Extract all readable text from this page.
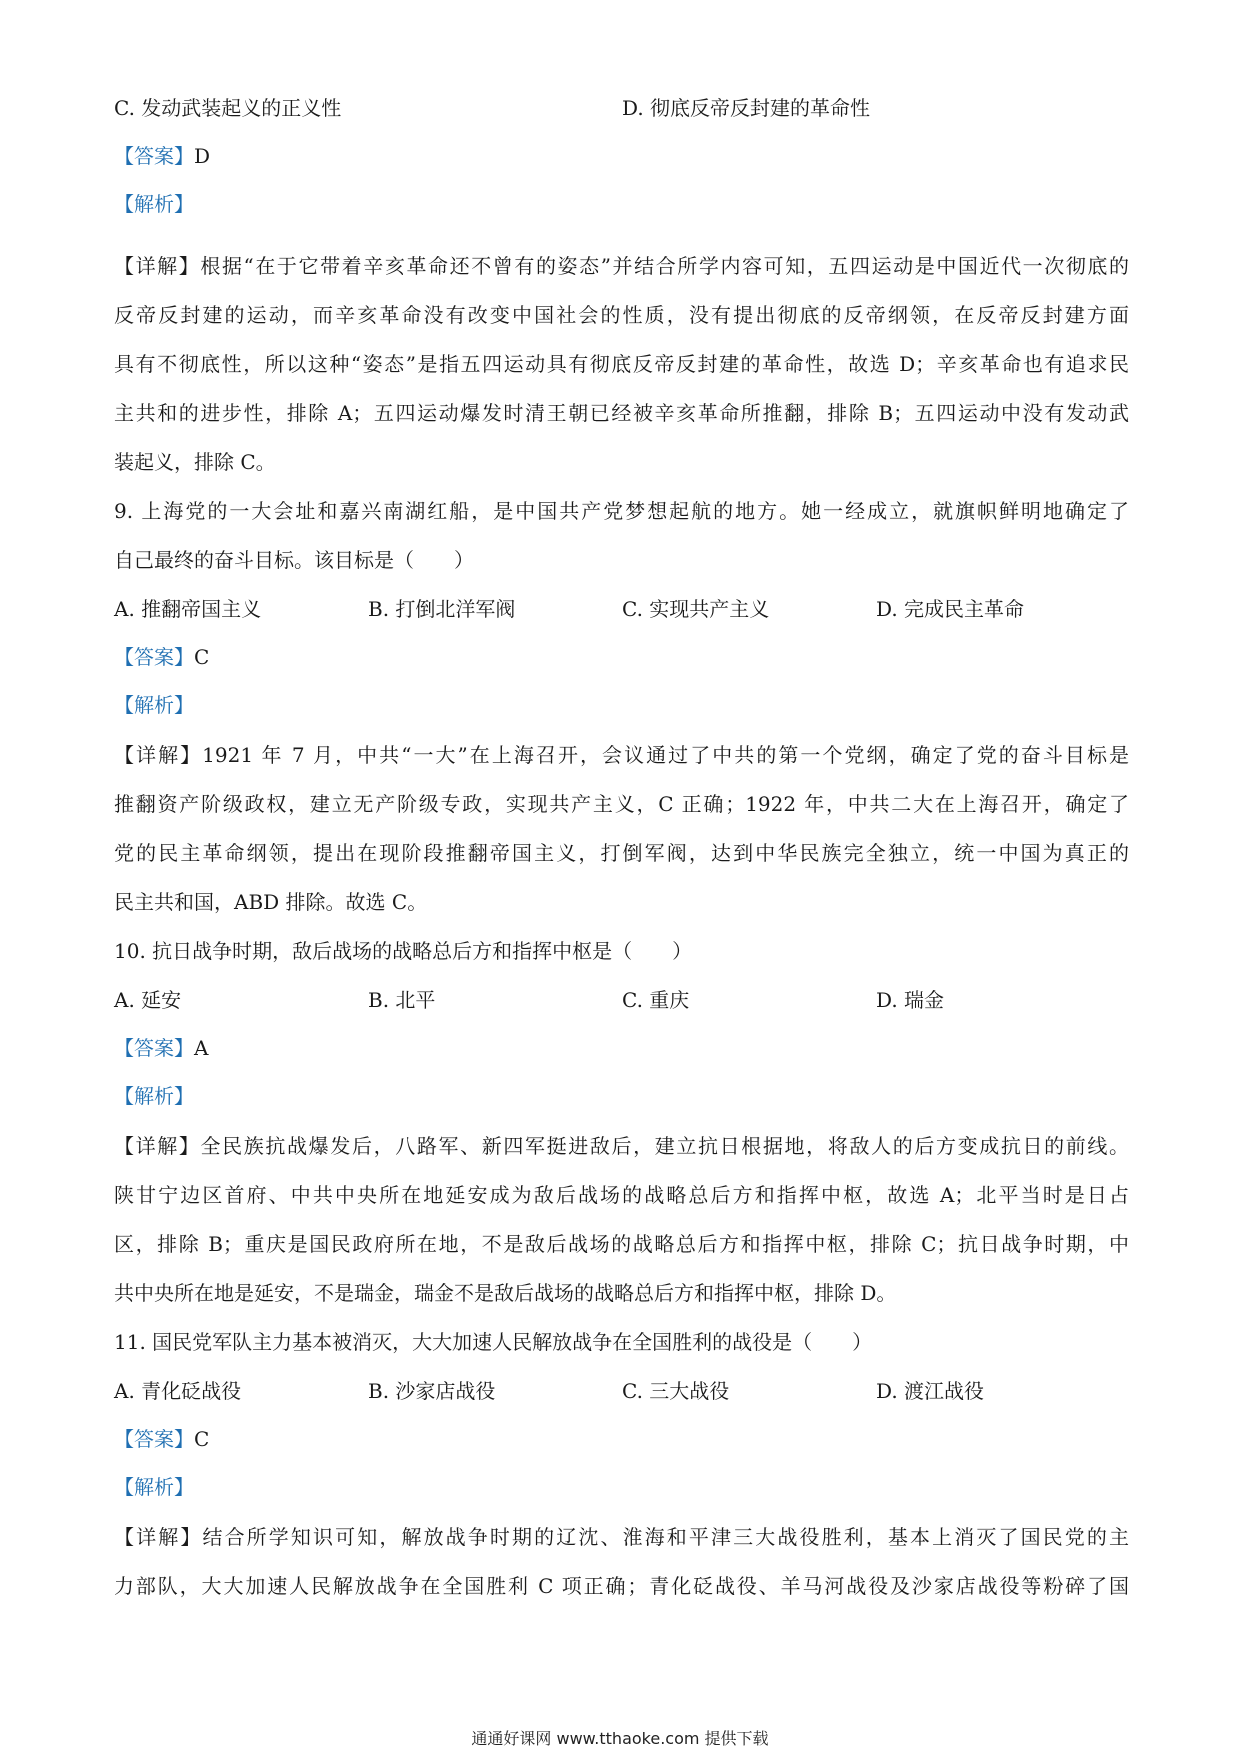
C. 发动武装起义的正义性	D. 彻底反帝反封建的革命性
【答案】D
【解析】
【详解】根据“在于它带着辛亥革命还不曾有的姿态”并结合所学内容可知，五四运动是中国近代一次彻底的
反帝反封建的运动，而辛亥革命没有改变中国社会的性质，没有提出彻底的反帝纲领，在反帝反封建方面
具有不彻底性，所以这种“姿态”是指五四运动具有彻底反帝反封建的革命性，故选 D；辛亥革命也有追求民
主共和的进步性，排除 A；五四运动爆发时清王朝已经被辛亥革命所推翻，排除 B；五四运动中没有发动武
装起义，排除 C。
9. 上海党的一大会址和嘉兴南湖红船，是中国共产党梦想起航的地方。她一经成立，就旗帜鲜明地确定了
自己最终的奋斗目标。该目标是（　　）
A. 推翻帝国主义	B. 打倒北洋军阀	C. 实现共产主义	D. 完成民主革命
【答案】C
【解析】
【详解】1921 年 7 月，中共“一大”在上海召开，会议通过了中共的第一个党纲，确定了党的奋斗目标是
推翻资产阶级政权，建立无产阶级专政，实现共产主义，C 正确；1922 年，中共二大在上海召开，确定了
党的民主革命纲领，提出在现阶段推翻帝国主义，打倒军阀，达到中华民族完全独立，统一中国为真正的
民主共和国，ABD 排除。故选 C。
10. 抗日战争时期，敌后战场的战略总后方和指挥中枢是（　　）
A. 延安	B. 北平	C. 重庆	D. 瑞金
【答案】A
【解析】
【详解】全民族抗战爆发后，八路军、新四军挺进敌后，建立抗日根据地，将敌人的后方变成抗日的前线。
陕甘宁边区首府、中共中央所在地延安成为敌后战场的战略总后方和指挥中枢，故选 A；北平当时是日占
区，排除 B；重庆是国民政府所在地，不是敌后战场的战略总后方和指挥中枢，排除 C；抗日战争时期，中
共中央所在地是延安，不是瑞金，瑞金不是敌后战场的战略总后方和指挥中枢，排除 D。
11. 国民党军队主力基本被消灭，大大加速人民解放战争在全国胜利的战役是（　　）
A. 青化砭战役	B. 沙家店战役	C. 三大战役	D. 渡江战役
【答案】C
【解析】
【详解】结合所学知识可知，解放战争时期的辽沈、淮海和平津三大战役胜利，基本上消灭了国民党的主
力部队，大大加速人民解放战争在全国胜利 C 项正确；青化砭战役、羊马河战役及沙家店战役等粉碎了国
通通好课网 www.tthaoke.com 提供下载
